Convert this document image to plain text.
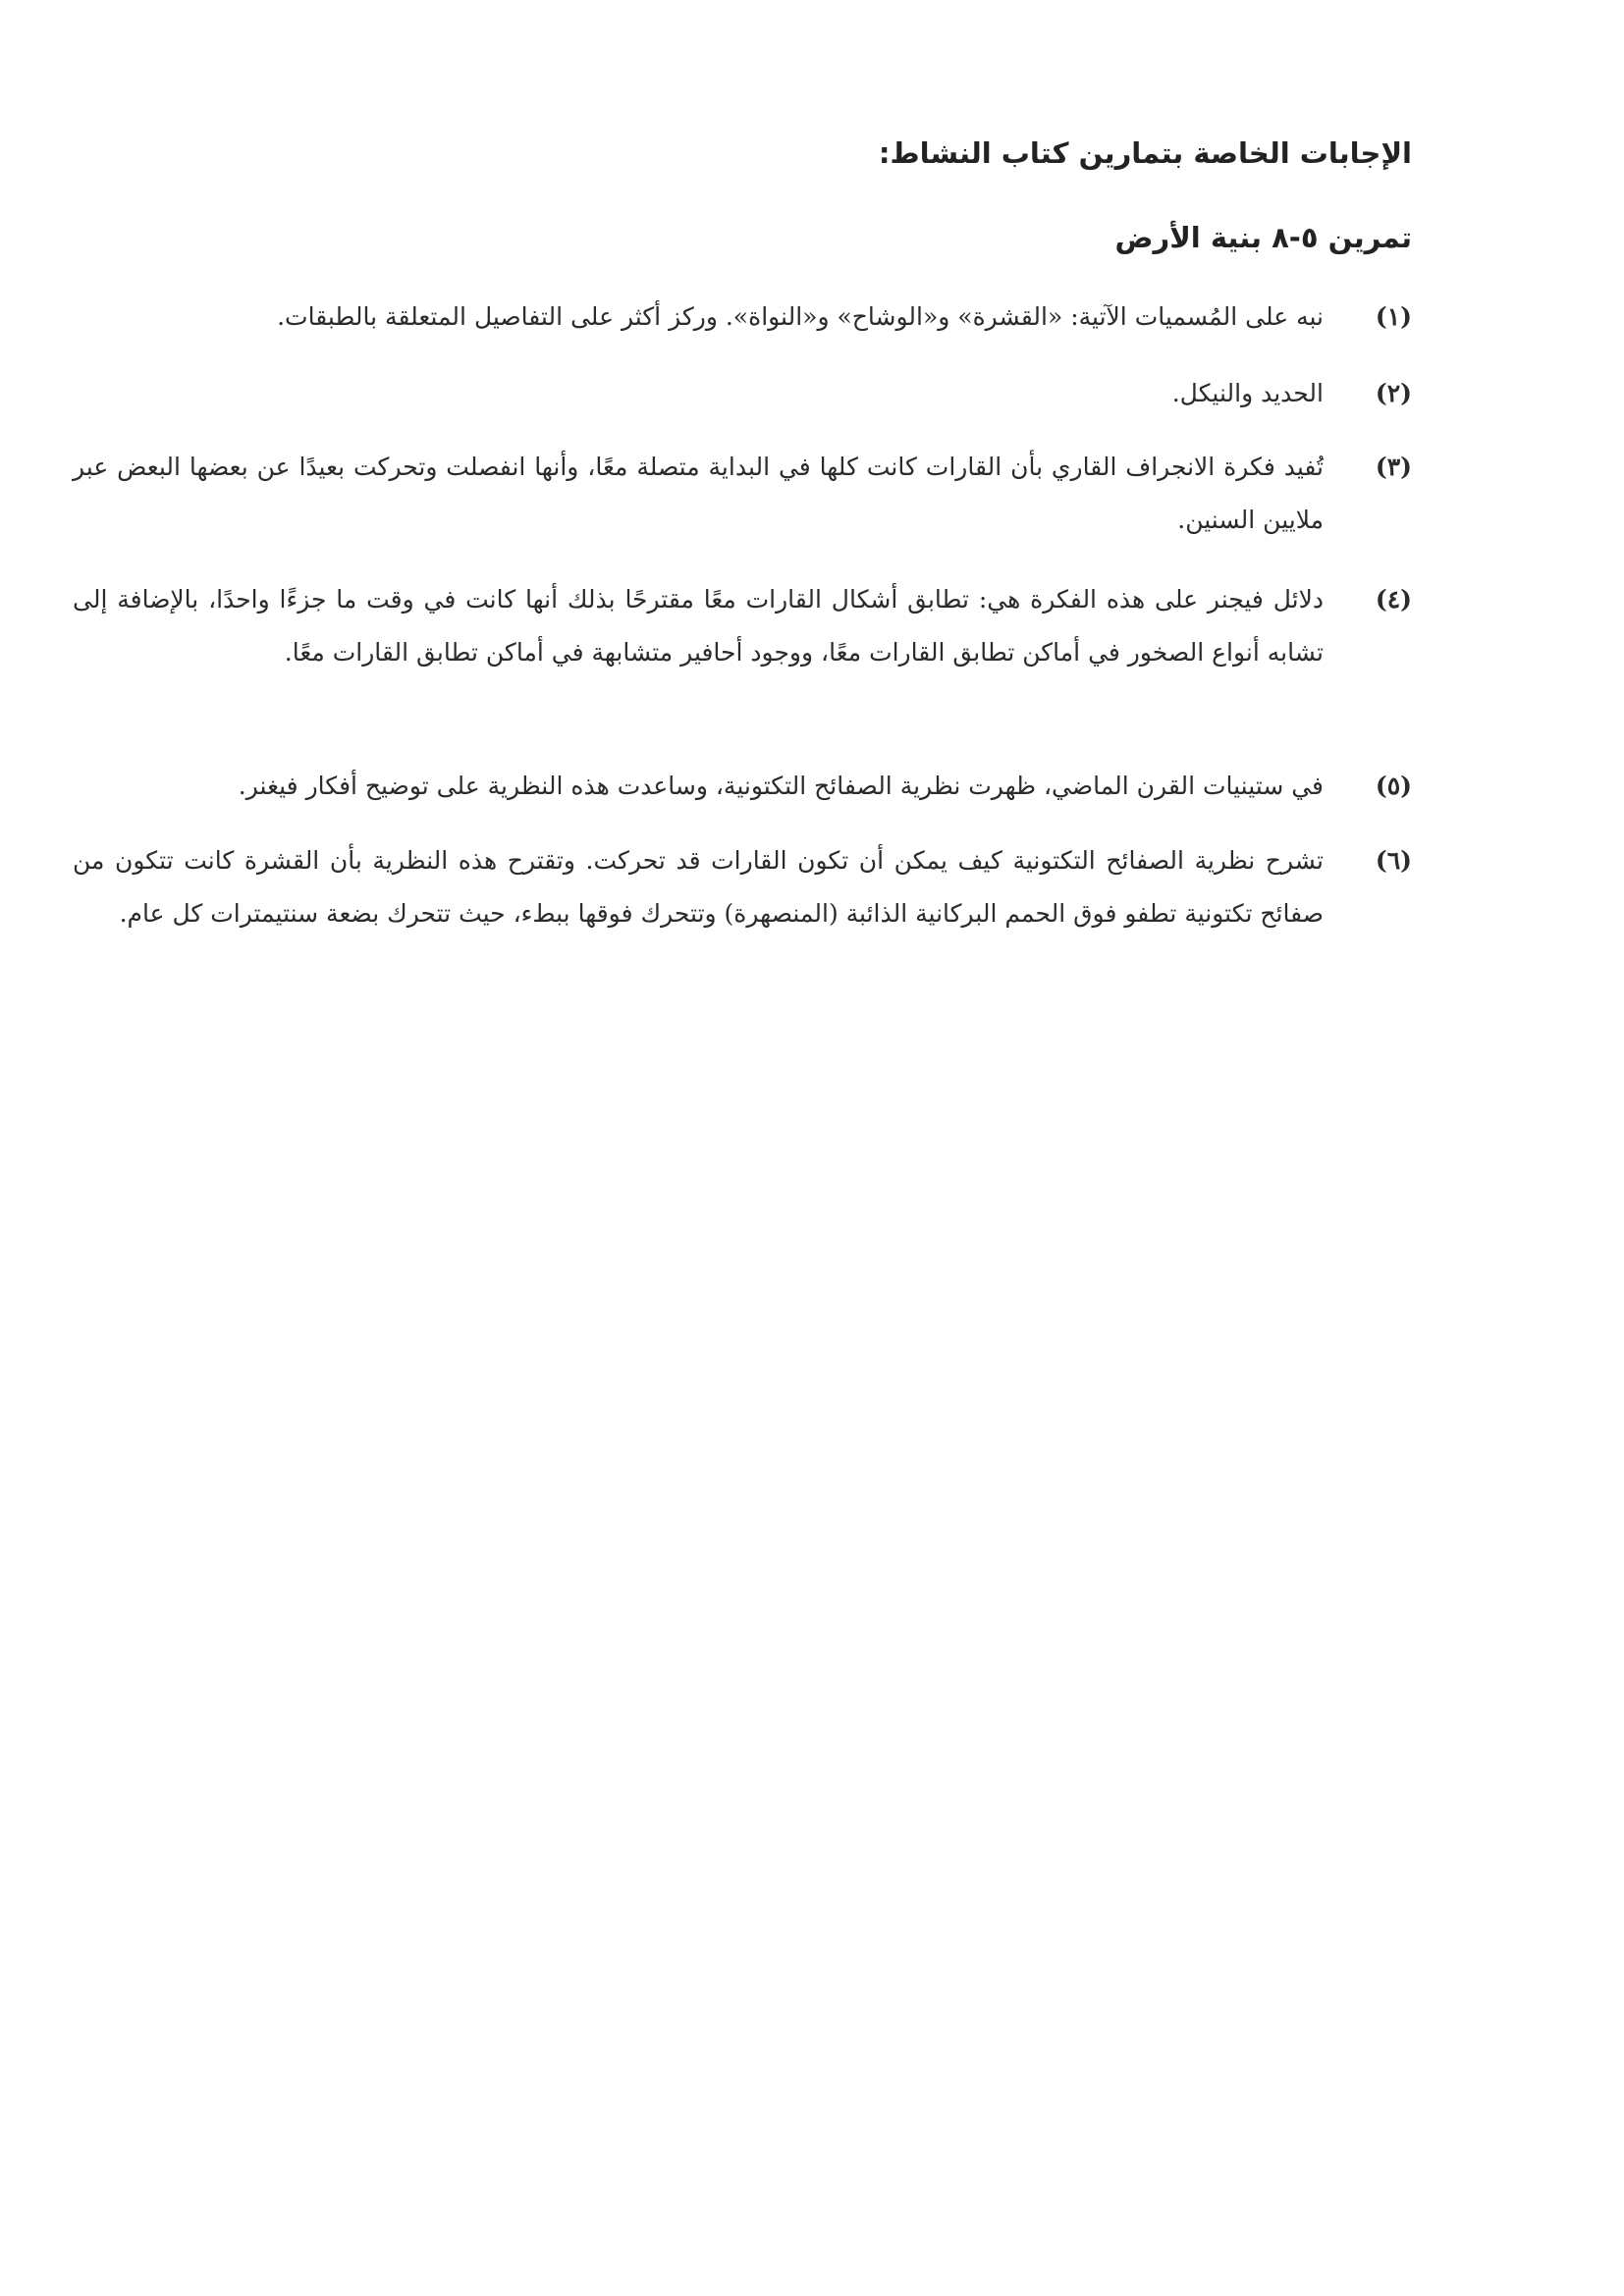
الإجابات الخاصة بتمارين كتاب النشاط:
تمرين ٥-٨ بنية الأرض
(١)
نبه على المُسميات الآتية: «القشرة» و«الوشاح» و«النواة». وركز أكثر على التفاصيل المتعلقة بالطبقات.
(٢)
الحديد والنيكل.
(٣)
تُفيد فكرة الانجراف القاري بأن القارات كانت كلها في البداية متصلة معًا، وأنها انفصلت وتحركت بعيدًا عن بعضها البعض عبر ملايين السنين.
(٤)
دلائل فيجنر على هذه الفكرة هي: تطابق أشكال القارات معًا مقترحًا بذلك أنها كانت في وقت ما جزءًا واحدًا، بالإضافة إلى تشابه أنواع الصخور في أماكن تطابق القارات معًا، ووجود أحافير متشابهة في أماكن تطابق القارات معًا.
(٥)
في ستينيات القرن الماضي، ظهرت نظرية الصفائح التكتونية، وساعدت هذه النظرية على توضيح أفكار فيغنر.
(٦)
تشرح نظرية الصفائح التكتونية كيف يمكن أن تكون القارات قد تحركت. وتقترح هذه النظرية بأن القشرة كانت تتكون من صفائح تكتونية تطفو فوق الحمم البركانية الذائبة (المنصهرة) وتتحرك فوقها ببطء، حيث تتحرك بضعة سنتيمترات كل عام.
